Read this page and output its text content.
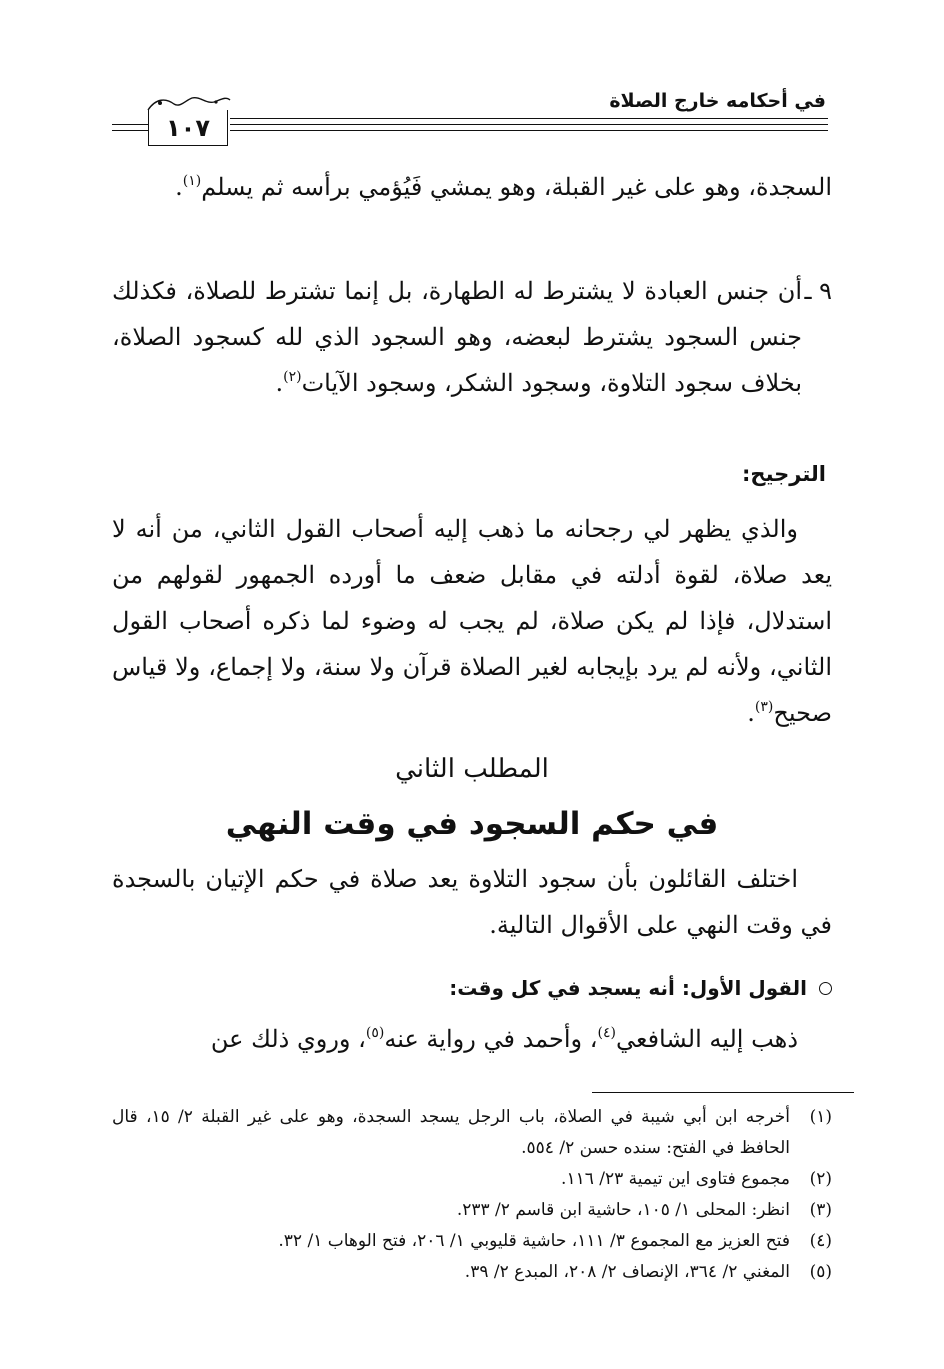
في أحكامه خارج الصلاة
١٠٧

السجدة، وهو على غير القبلة، وهو يمشي فَيُؤمي برأسه ثم يسلم$^{(١)}$.

٩ ـ
أن جنس العبادة لا يشترط له الطهارة، بل إنما تشترط للصلاة، فكذلك جنس السجود يشترط لبعضه، وهو السجود الذي لله كسجود الصلاة، بخلاف سجود التلاوة، وسجود الشكر، وسجود الآيات$^{(٢)}$.
الترجيح:

والذي يظهر لي رجحانه ما ذهب إليه أصحاب القول الثاني، من أنه لا يعد صلاة، لقوة أدلته في مقابل ضعف ما أورده الجمهور لقولهم من استدلال، فإذا لم يكن صلاة، لم يجب له وضوء لما ذكره أصحاب القول الثاني، ولأنه لم يرد بإيجابه لغير الصلاة قرآن ولا سنة، ولا إجماع، ولا قياس صحيح$^{(٣)}$.

المطلب الثاني
في حكم السجود في وقت النهي

اختلف القائلون بأن سجود التلاوة يعد صلاة في حكم الإتيان بالسجدة في وقت النهي على الأقوال التالية.

القول الأول: أنه يسجد في كل وقت:

ذهب إليه الشافعي$^{(٤)}$، وأحمد في رواية عنه$^{(٥)}$، وروي ذلك عن

(١)
أخرجه ابن أبي شيبة في الصلاة، باب الرجل يسجد السجدة، وهو على غير القبلة ٢/ ١٥، قال الحافظ في الفتح: سنده حسن ٢/ ٥٥٤.
(٢)
مجموع فتاوى اين تيمية ٢٣/ ١١٦.
(٣)
انظر: المحلى ١/ ١٠٥، حاشية ابن قاسم ٢/ ٢٣٣.
(٤)
فتح العزيز مع المجموع ٣/ ١١١، حاشية قليوبي ١/ ٢٠٦، فتح الوهاب ١/ ٣٢.
(٥)
المغني ٢/ ٣٦٤، الإنصاف ٢/ ٢٠٨، المبدع ٢/ ٣٩.
